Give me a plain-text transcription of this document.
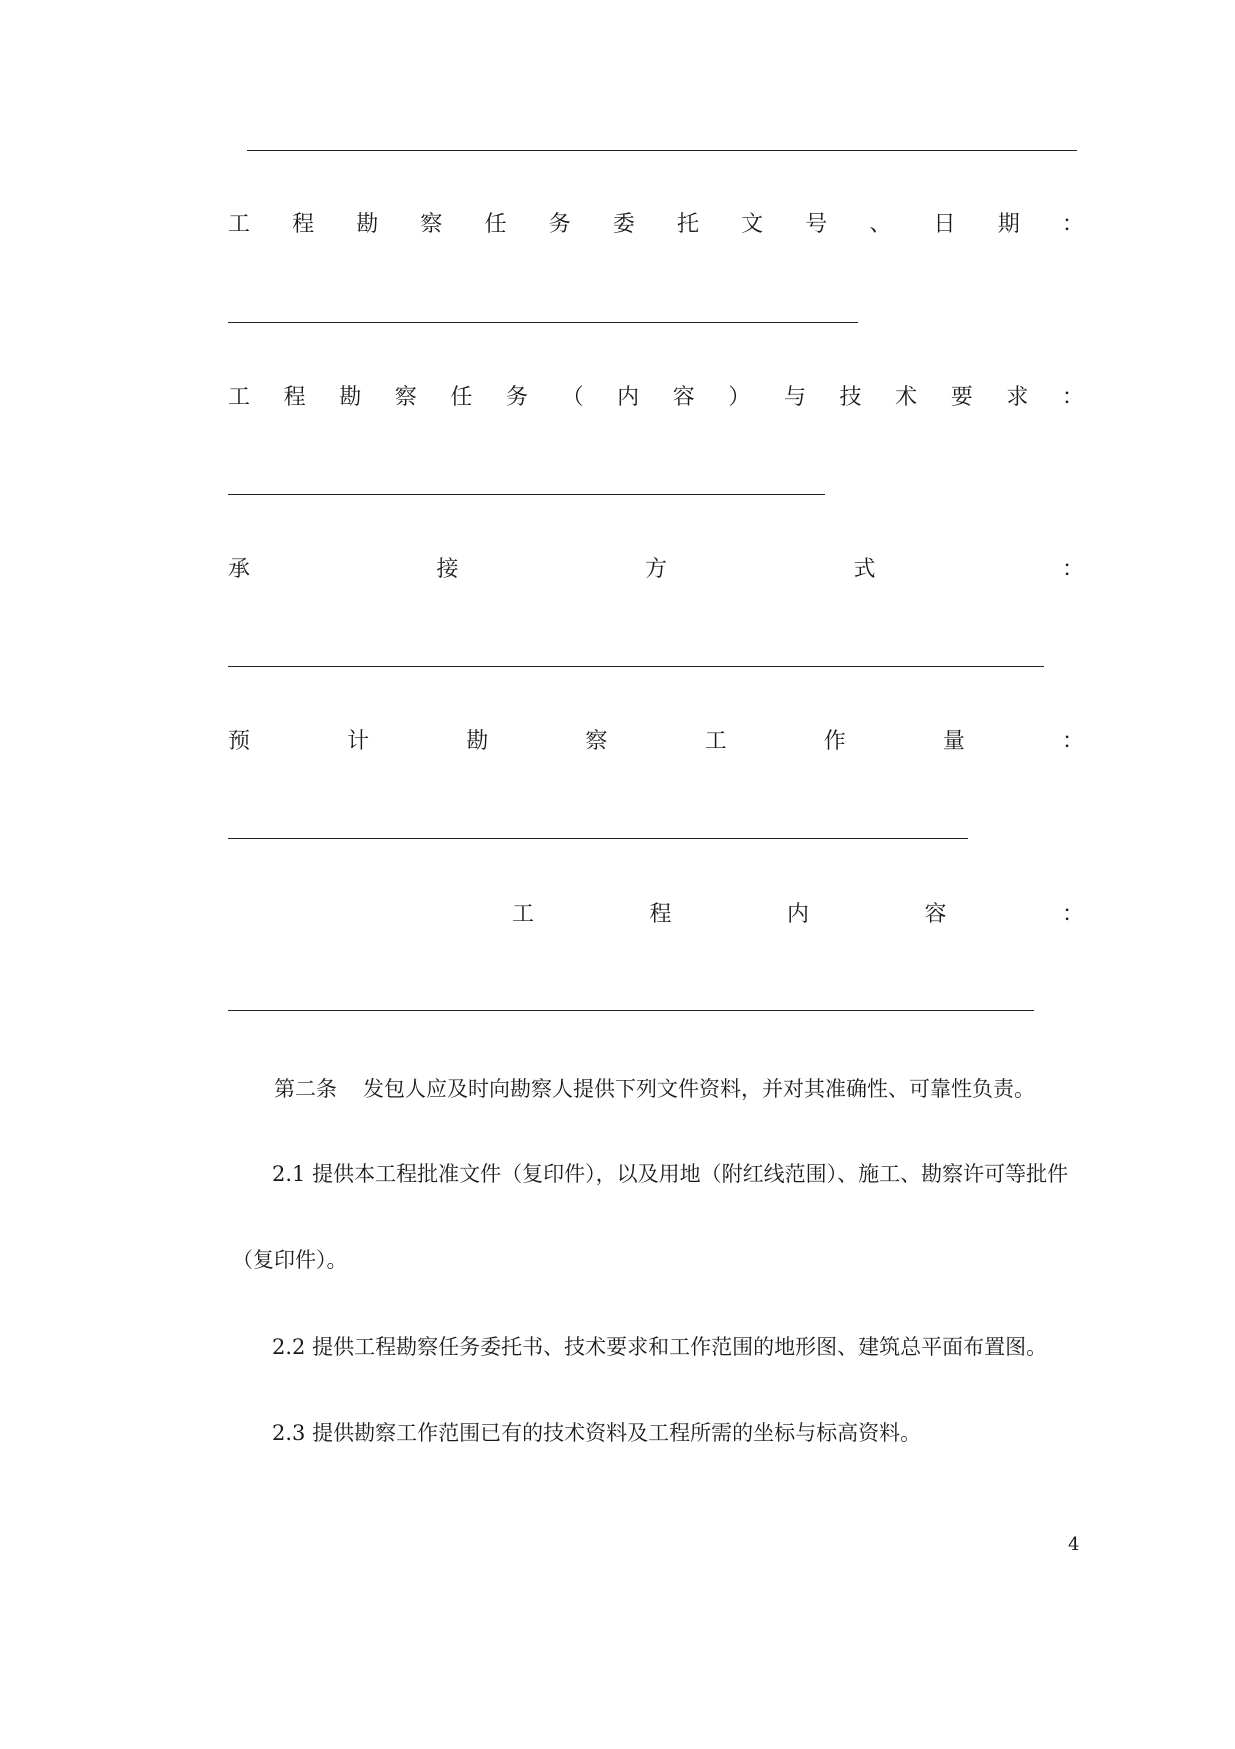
工 程 勘 察 任 务 委 托 文 号 、 日 期 ：
工 程 勘 察 任 务 （ 内 容 ） 与 技 术 要 求 ：
承	接	方	式	：
预	计	勘	察	工	作	量	：
工	程	内	容	：
第二条 发包人应及时向勘察人提供下列文件资料，并对其准确性、可靠性负责。
2.1 提供本工程批准文件（复印件），以及用地（附红线范围）、施工、勘察许可等批件
（复印件）。
2.2 提供工程勘察任务委托书、技术要求和工作范围的地形图、建筑总平面布置图。
2.3 提供勘察工作范围已有的技术资料及工程所需的坐标与标高资料。
4
